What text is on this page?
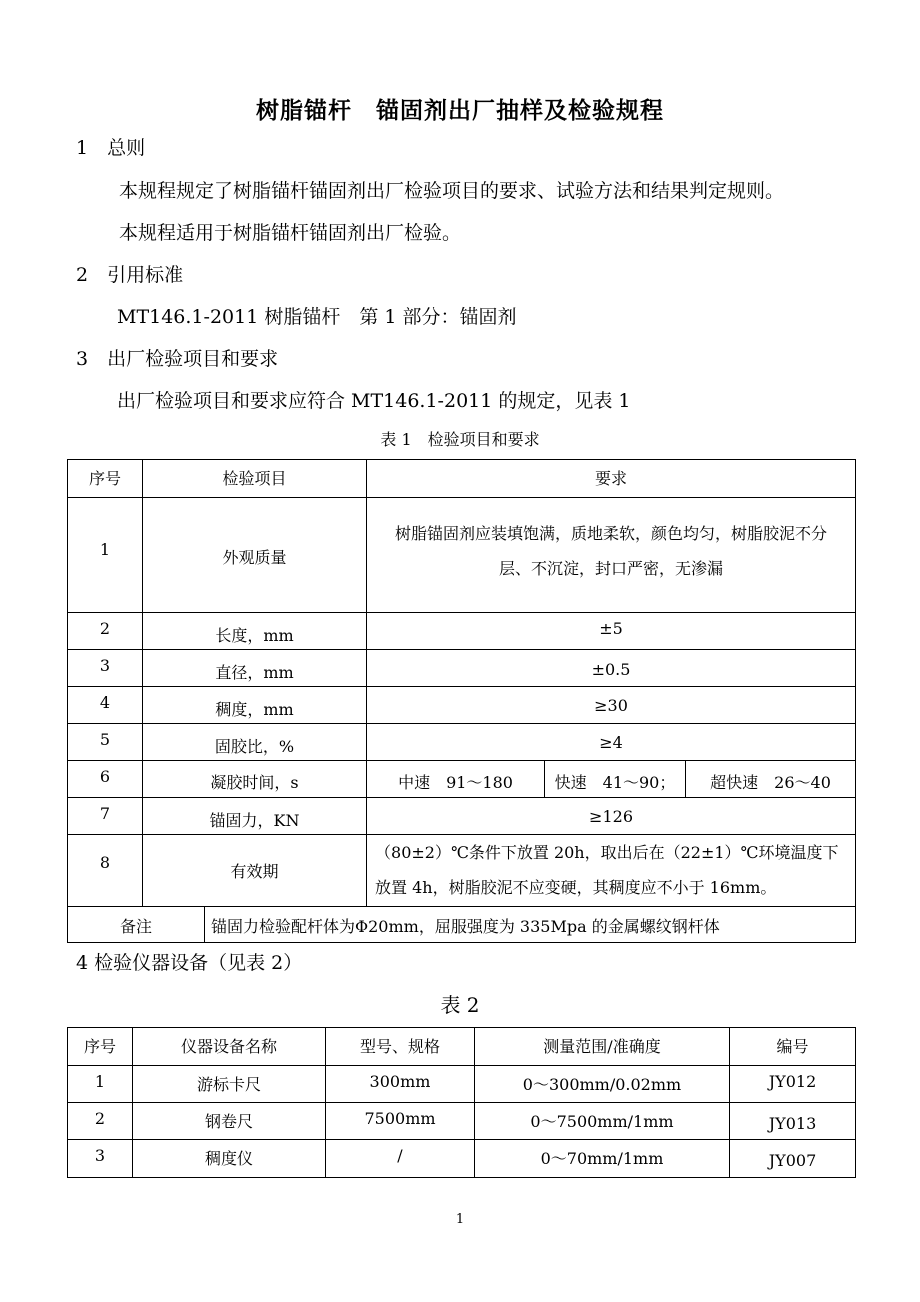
树脂锚杆　锚固剂出厂抽样及检验规程
1　总则
本规程规定了树脂锚杆锚固剂出厂检验项目的要求、试验方法和结果判定规则。
本规程适用于树脂锚杆锚固剂出厂检验。
2　引用标准
MT146.1-2011 树脂锚杆　第 1 部分：锚固剂
3　出厂检验项目和要求
出厂检验项目和要求应符合 MT146.1-2011 的规定，见表 1
表 1　检验项目和要求
序号	检验项目		要求		
1	外观质量		树脂锚固剂应装填饱满，质地柔软，颜色均匀，树脂胶泥不分层、不沉淀，封口严密，无渗漏		
2	长度，mm		±5		
3	直径，mm		±0.5		
4	稠度，mm		≥30		
5	固胶比，%		≥4		
6	凝胶时间，s		中速　91～180	快速　41～90；	超快速　26～40
7	锚固力，KN		≥126		
8	有效期		（80±2）℃条件下放置 20h，取出后在（22±1）℃环境温度下放置 4h，树脂胶泥不应变硬，其稠度应不小于 16mm。		
备注		锚固力检验配杆体为Φ20mm，屈服强度为 335Mpa 的金属螺纹钢杆体			
4 检验仪器设备（见表 2）
表 2
序号	仪器设备名称	型号、规格	测量范围/准确度	编号
1	游标卡尺	300mm	0～300mm/0.02mm	JY012
2	钢卷尺	7500mm	0～7500mm/1mm	JY013
3	稠度仪	/	0～70mm/1mm	JY007
1
